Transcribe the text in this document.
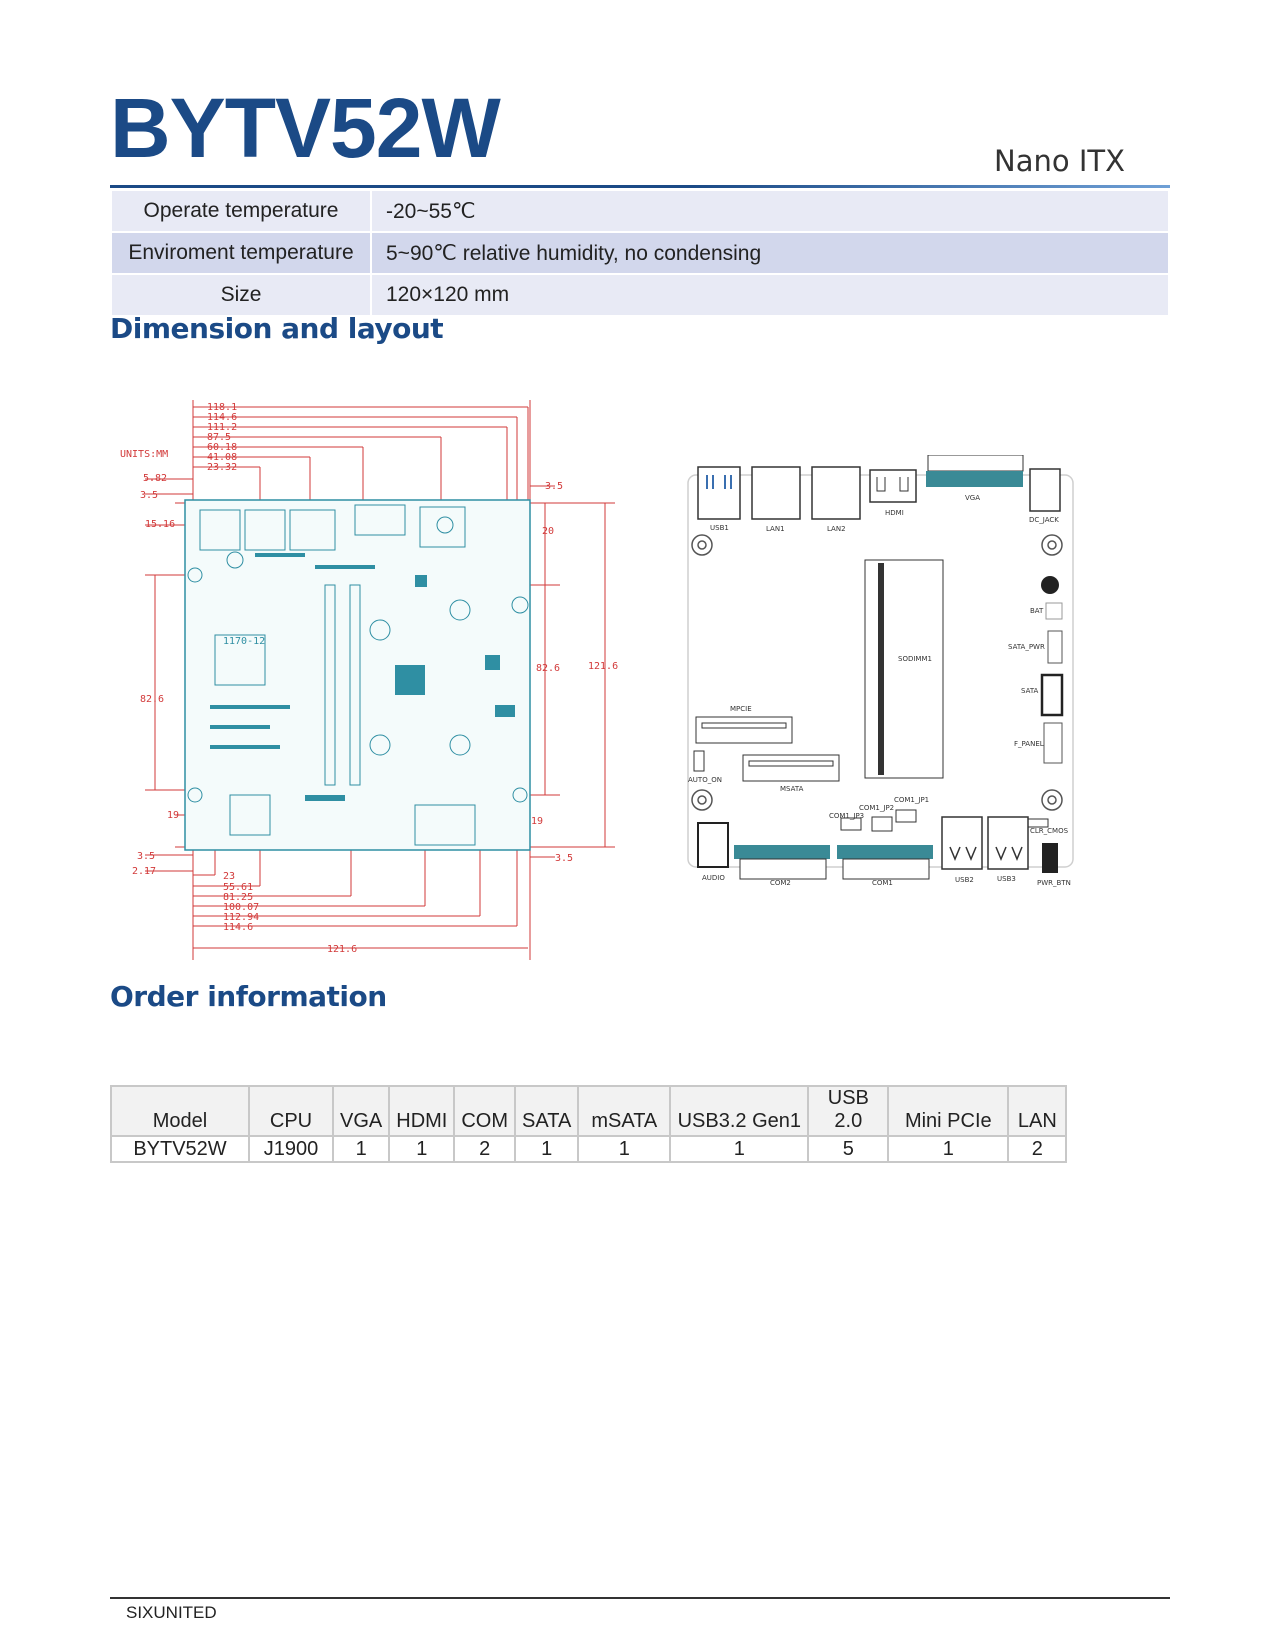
BYTV52W	Nano ITX
Operate temperature	-20~55℃
Enviroment temperature	5~90℃ relative humidity, no condensing
Size	120×120 mm
Dimension and layout
UNITS:MM
118.1
114.6
111.2
87.5
60.18
41.08
23.32
5.82
3.5
15.16
82.6
19
3.5
2.17
3.5
20
82.6	121.6
19
3.5
23
55.61
81.25
100.07
112.94
114.6
121.6
1170-12
USB1	LAN1	LAN2
HDMI
VGA
DC_JACK
SODIMM1
BAT
SATA_PWR
SATA
F_PANEL
MPCIE
MSATA
AUTO_ON
COM1_JP1
COM1_JP2
COM1_JP3
CLR_CMOS
AUDIO
COM2	COM1	USB2	USB3	PWR_BTN
Order information
Model	CPU	VGA	HDMI	COM	SATA	mSATA	USB3.2 Gen1	USB 2.0	Mini PCIe	LAN
BYTV52W	J1900	1	1	2	1	1	1	5	1	2
SIXUNITED
